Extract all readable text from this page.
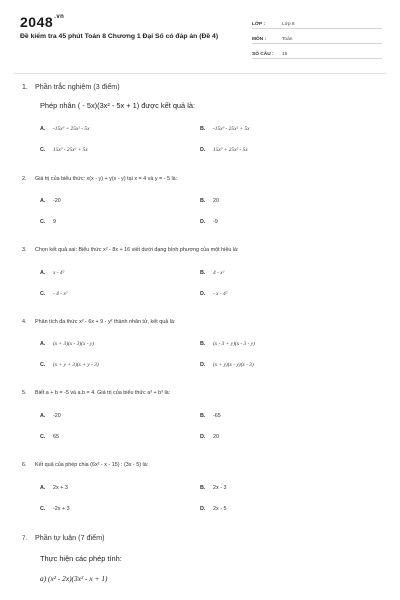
$2048^{.vn}$
Đề kiểm tra 45 phút Toán 8 Chương 1 Đại Số có đáp án (Đề 4)
LỚP :	Lớp 8
MÔN :	Toán
SỐ CÂU :	15
1. Phần trắc nghiệm (3 điểm)
Phép nhân ( - 5x)(3x² - 5x + 1) được kết quả là:
A.	-15x³ + 25x² - 5x	B.	-15x³ - 25x² + 5x
C.	15x³ - 25x² + 5x	D.	15x³ + 25x² - 5x
2.	Giá trị của biểu thức: x(x - y) + y(x - y) tại x = 4 và y = - 5 là:
A.	-20	B.	20
C.	9	D.	-9
3.	Chọn kết quả sai: Biểu thức x² - 8x + 16 viết dưới dạng bình phương của một hiệu là:
A.	x - 4²	B.	4 - x²
C.	- 4 - x²	D.	- x - 4²
4.	Phân tích đa thức x² - 6x + 9 - y² thành nhân tử, kết quả là:
A.	(x + 3)(x - 3)(x - y)	B.	(x - 3 + y)(x - 3 - y)
C.	(x + y + 3)(x + y - 3)	D.	(x + y)(x - y)(x - 3)
5.	Biết a + b = -5 và a.b = 4. Giá trị của biểu thức a³ + b³ là:
A.	-20	B.	-65
C.	65	D.	20
6.	Kết quả của phép chia (6x² - x - 15) : (3x - 5) là:
A.	2x + 3	B.	2x - 3
C.	-2x + 3	D.	2x - 5
7.	Phần tự luận (7 điểm)
Thực hiện các phép tính:
a) (x² - 2x)(3x² - x + 1)
